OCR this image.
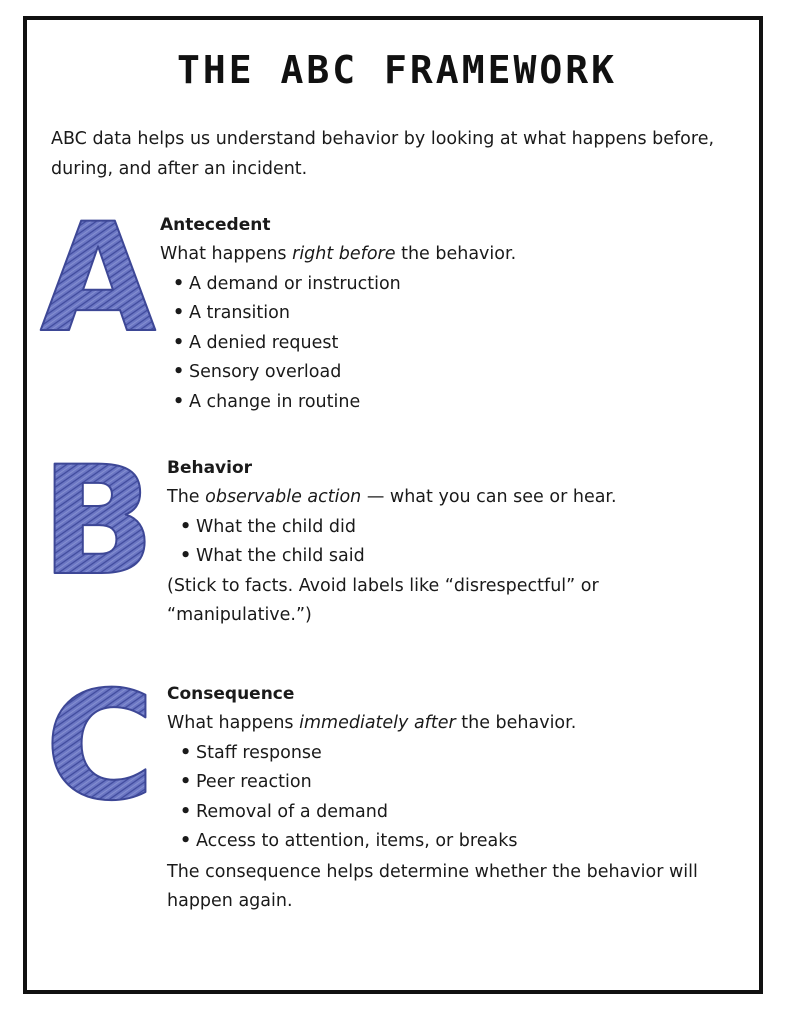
THE ABC FRAMEWORK

ABC data helps us understand behavior by looking at what happens before, during, and after an incident.

A
B
C
Antecedent

What happens right before the behavior.

• A demand or instruction
• A transition
• A denied request
• Sensory overload
• A change in routine
Behavior

The observable action — what you can see or hear.

• What the child did
• What the child said

(Stick to facts. Avoid labels like “disrespectful” or “manipulative.”)

Consequence

What happens immediately after the behavior.

• Staff response
• Peer reaction
• Removal of a demand
• Access to attention, items, or breaks

The consequence helps determine whether the behavior will happen again.
